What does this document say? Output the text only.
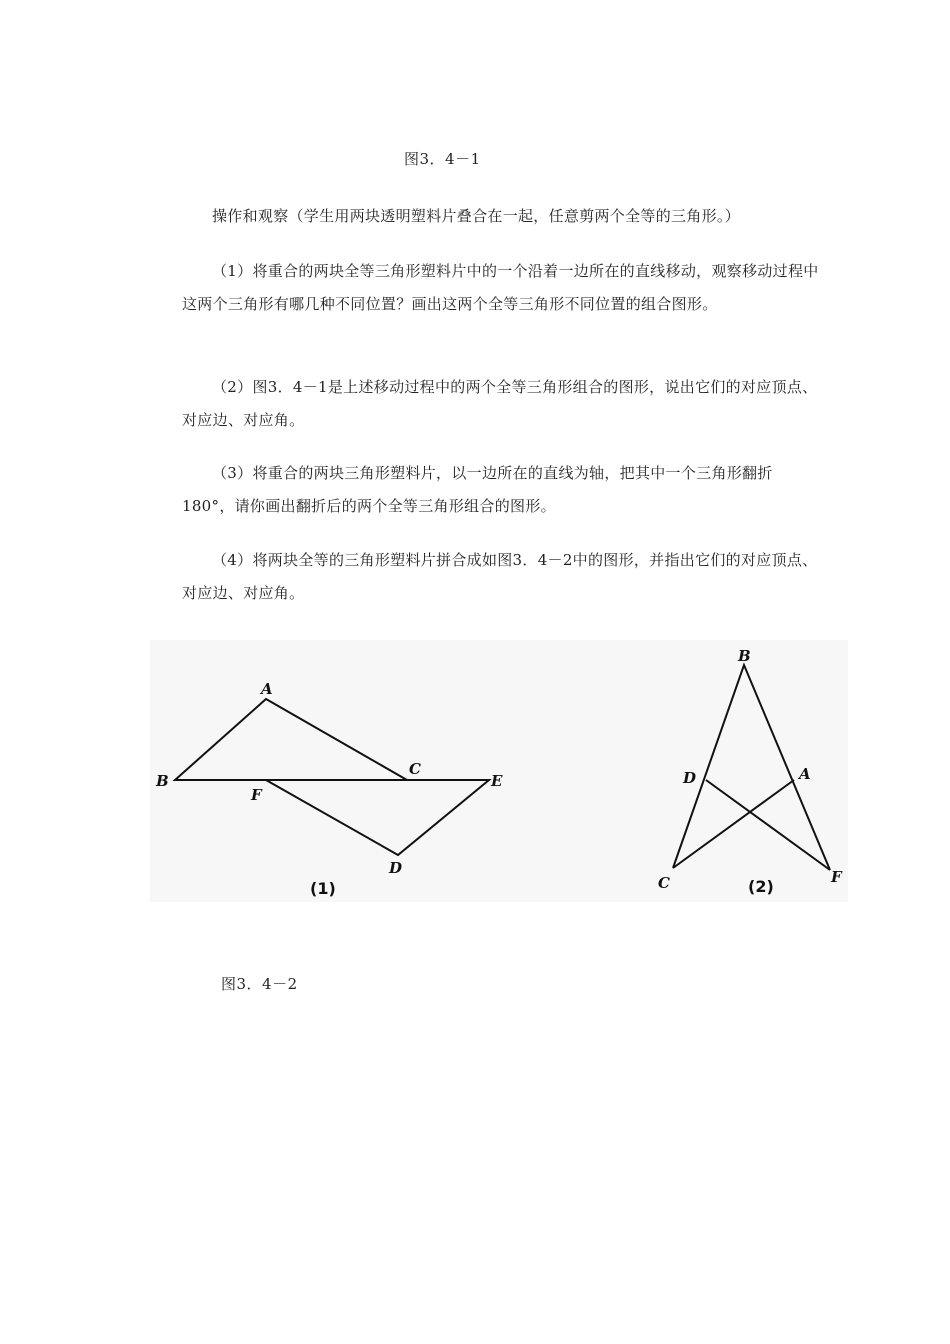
图3．4－1
操作和观察（学生用两块透明塑料片叠合在一起，任意剪两个全等的三角形。）
（1）将重合的两块全等三角形塑料片中的一个沿着一边所在的直线移动，观察移动过程中这两个三角形有哪几种不同位置？画出这两个全等三角形不同位置的组合图形。
（2）图3．4－1是上述移动过程中的两个全等三角形组合的图形，说出它们的对应顶点、对应边、对应角。
（3）将重合的两块三角形塑料片，以一边所在的直线为轴，把其中一个三角形翻折180°，请你画出翻折后的两个全等三角形组合的图形。
（4）将两块全等的三角形塑料片拼合成如图3．4－2中的图形，并指出它们的对应顶点、对应边、对应角。
A
B
C
E
F
D
(1)
B
D	A
C	F
(2)
图3．4－2
